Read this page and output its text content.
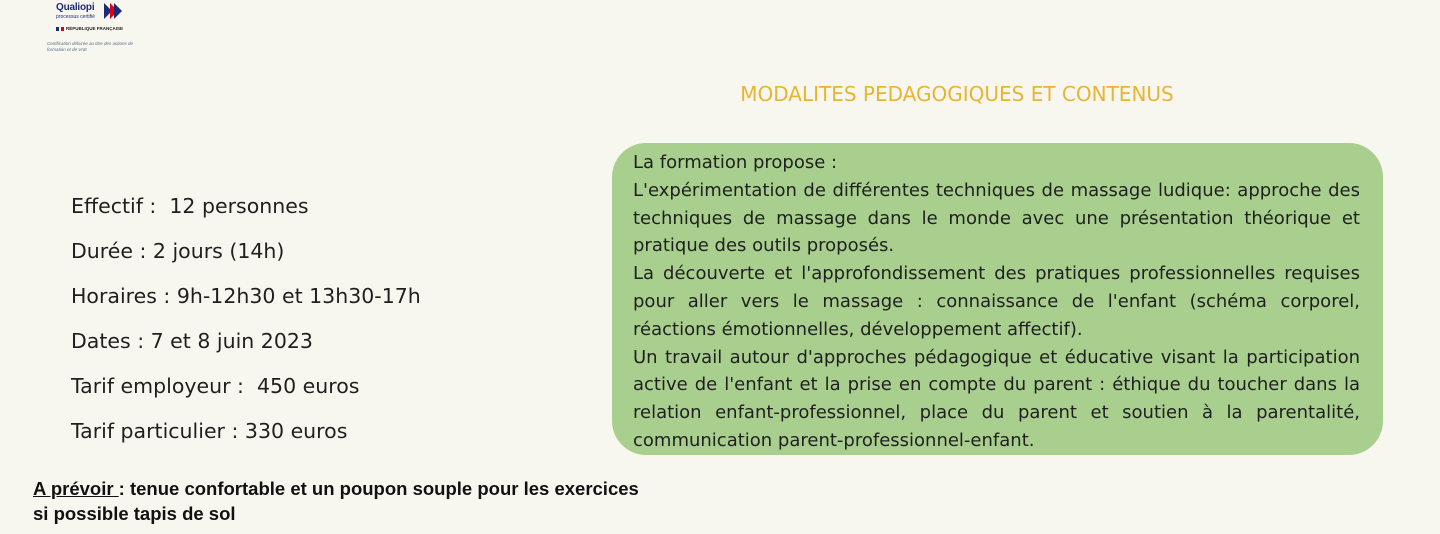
Qualiopi
processus certifié
RÉPUBLIQUE FRANÇAISE
Certification délivrée au titre des actions de formation et de VAE
MODALITES PEDAGOGIQUES ET CONTENUS
Effectif :  12 personnes
Durée : 2 jours (14h)
Horaires : 9h-12h30 et 13h30-17h
Dates : 7 et 8 juin 2023
Tarif employeur :  450 euros
Tarif particulier : 330 euros

La formation propose :

L'expérimentation de différentes techniques de massage ludique: approche des techniques de massage dans le monde avec une présentation théorique et pratique des outils proposés.

La découverte et l'approfondissement des pratiques professionnelles requises pour aller vers le massage : connaissance de l'enfant (schéma corporel, réactions émotionnelles, développement affectif).

Un travail autour d'approches pédagogique et éducative visant la participation active de l'enfant et la prise en compte du parent : éthique du toucher dans la relation enfant-professionnel, place du parent et soutien à la parentalité, communication parent-professionnel-enfant.

A prévoir : tenue confortable et un poupon souple pour les exercices
si possible tapis de sol
